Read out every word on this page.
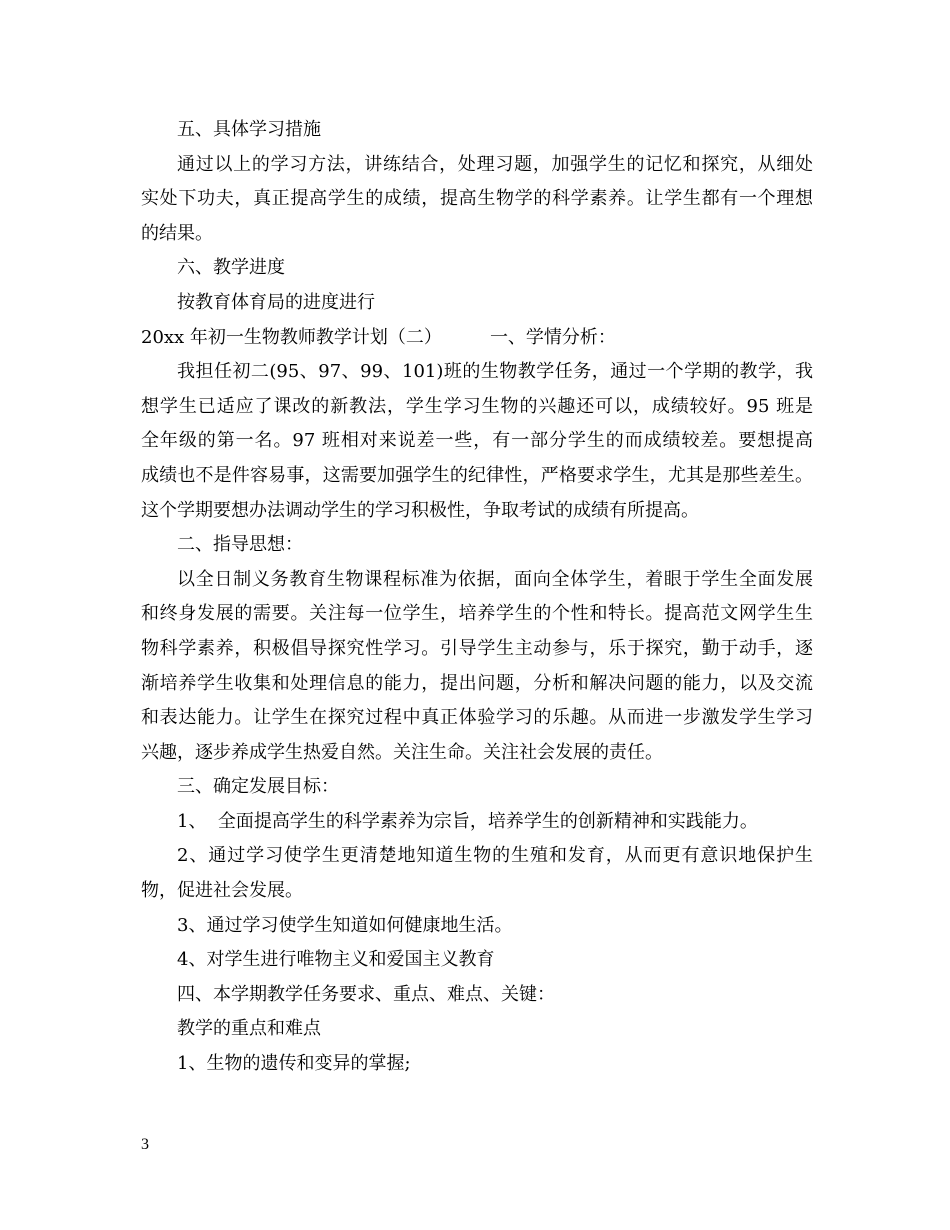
五、具体学习措施
通过以上的学习方法，讲练结合，处理习题，加强学生的记忆和探究，从细处
实处下功夫，真正提高学生的成绩，提高生物学的科学素养。让学生都有一个理想
的结果。
六、教学进度
按教育体育局的进度进行
20xx 年初一生物教师教学计划（二）	一、学情分析：
我担任初二(95、97、99、101)班的生物教学任务，通过一个学期的教学，我
想学生已适应了课改的新教法，学生学习生物的兴趣还可以，成绩较好。95 班是
全年级的第一名。97 班相对来说差一些，有一部分学生的而成绩较差。要想提高
成绩也不是件容易事，这需要加强学生的纪律性，严格要求学生，尤其是那些差生。
这个学期要想办法调动学生的学习积极性，争取考试的成绩有所提高。
二、指导思想：
以全日制义务教育生物课程标准为依据，面向全体学生，着眼于学生全面发展
和终身发展的需要。关注每一位学生，培养学生的个性和特长。提高范文网学生生
物科学素养，积极倡导探究性学习。引导学生主动参与，乐于探究，勤于动手，逐
渐培养学生收集和处理信息的能力，提出问题，分析和解决问题的能力，以及交流
和表达能力。让学生在探究过程中真正体验学习的乐趣。从而进一步激发学生学习
兴趣，逐步养成学生热爱自然。关注生命。关注社会发展的责任。
三、确定发展目标：
1、  全面提高学生的科学素养为宗旨，培养学生的创新精神和实践能力。
2、通过学习使学生更清楚地知道生物的生殖和发育，从而更有意识地保护生
物，促进社会发展。
3、通过学习使学生知道如何健康地生活。
4、对学生进行唯物主义和爱国主义教育
四、本学期教学任务要求、重点、难点、关键：
教学的重点和难点
1、生物的遗传和变异的掌握;
3
